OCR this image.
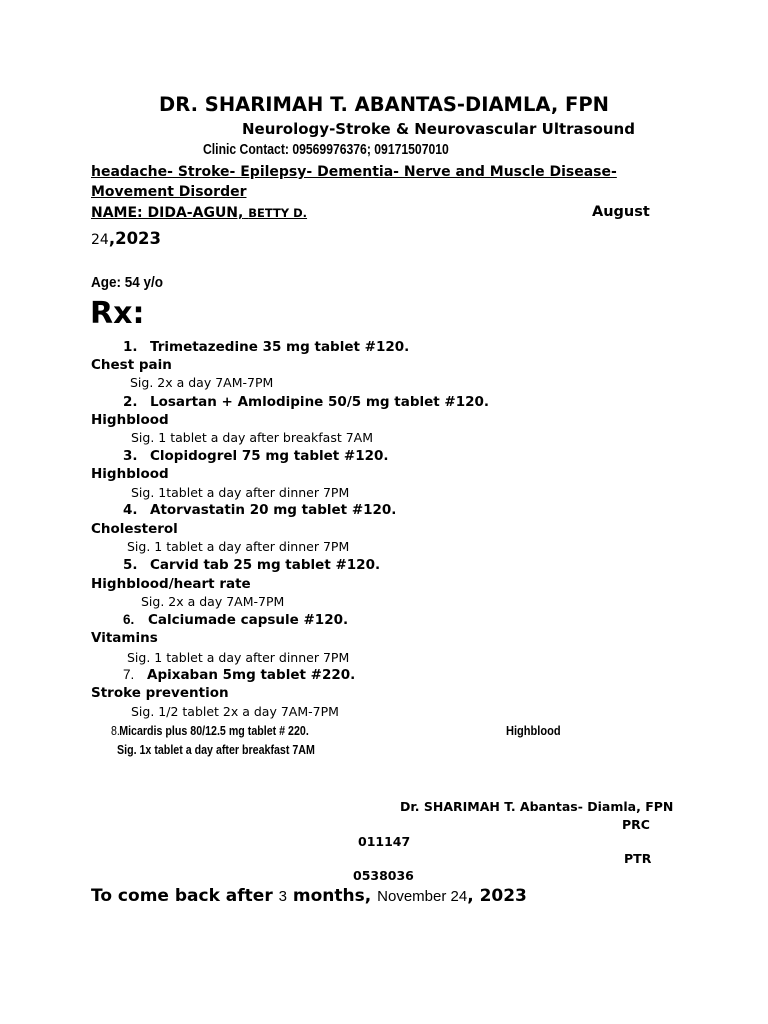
DR. SHARIMAH T. ABANTAS-DIAMLA, FPN
Neurology-Stroke & Neurovascular Ultrasound
Clinic Contact: 09569976376; 09171507010
headache- Stroke- Epilepsy- Dementia- Nerve and Muscle Disease- Movement Disorder
NAME: DIDA-AGUN, BETTY D.	August
24,2023
Age: 54 y/o
Rx:
1. Trimetazedine 35 mg tablet #120.
Chest pain
Sig. 2x a day 7AM-7PM
2. Losartan + Amlodipine 50/5 mg tablet #120.
Highblood
Sig. 1 tablet a day after breakfast 7AM
3. Clopidogrel 75 mg tablet #120.
Highblood
Sig. 1tablet a day after dinner 7PM
4. Atorvastatin 20 mg tablet #120.
Cholesterol
Sig. 1 tablet a day after dinner 7PM
5. Carvid tab 25 mg tablet #120.
Highblood/heart rate
Sig. 2x a day 7AM-7PM
6. Calciumade capsule #120.
Vitamins
Sig. 1 tablet a day after dinner 7PM
7. Apixaban 5mg tablet #220.
Stroke prevention
Sig. 1/2 tablet 2x a day 7AM-7PM
8.Micardis plus 80/12.5 mg tablet # 220.	Highblood
Sig. 1x tablet a day after breakfast 7AM
Dr. SHARIMAH T. Abantas- Diamla, FPN
PRC
011147
PTR
0538036
To come back after 3 months, November 24, 2023
